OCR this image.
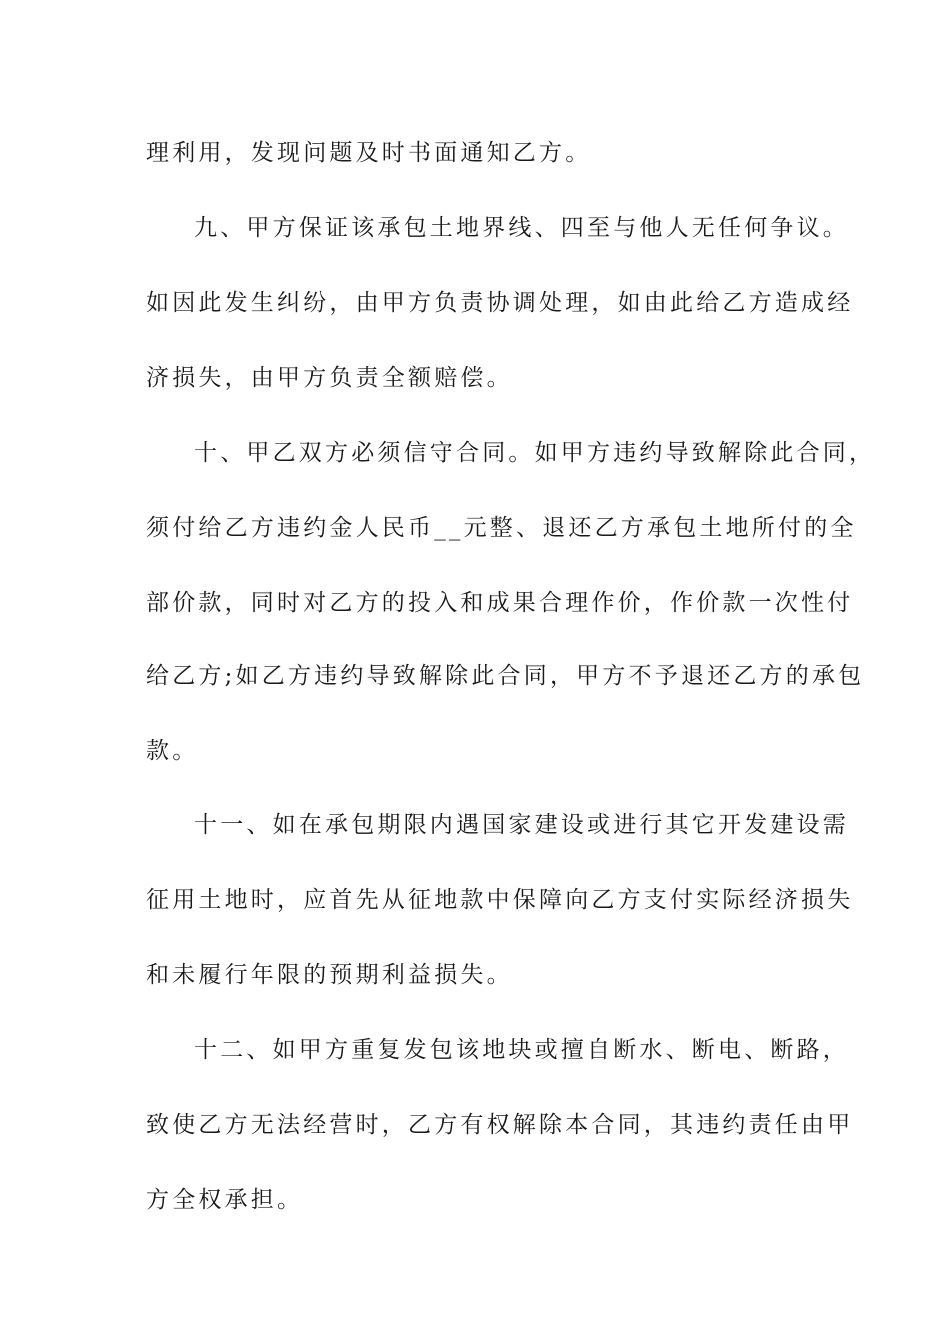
理利用，发现问题及时书面通知乙方。
九、甲方保证该承包土地界线、四至与他人无任何争议。
如因此发生纠纷，由甲方负责协调处理，如由此给乙方造成经
济损失，由甲方负责全额赔偿。
十、甲乙双方必须信守合同。如甲方违约导致解除此合同，
须付给乙方违约金人民币__元整、退还乙方承包土地所付的全
部价款，同时对乙方的投入和成果合理作价，作价款一次性付
给乙方;如乙方违约导致解除此合同，甲方不予退还乙方的承包
款。
十一、如在承包期限内遇国家建设或进行其它开发建设需
征用土地时，应首先从征地款中保障向乙方支付实际经济损失
和未履行年限的预期利益损失。
十二、如甲方重复发包该地块或擅自断水、断电、断路，
致使乙方无法经营时，乙方有权解除本合同，其违约责任由甲
方全权承担。
